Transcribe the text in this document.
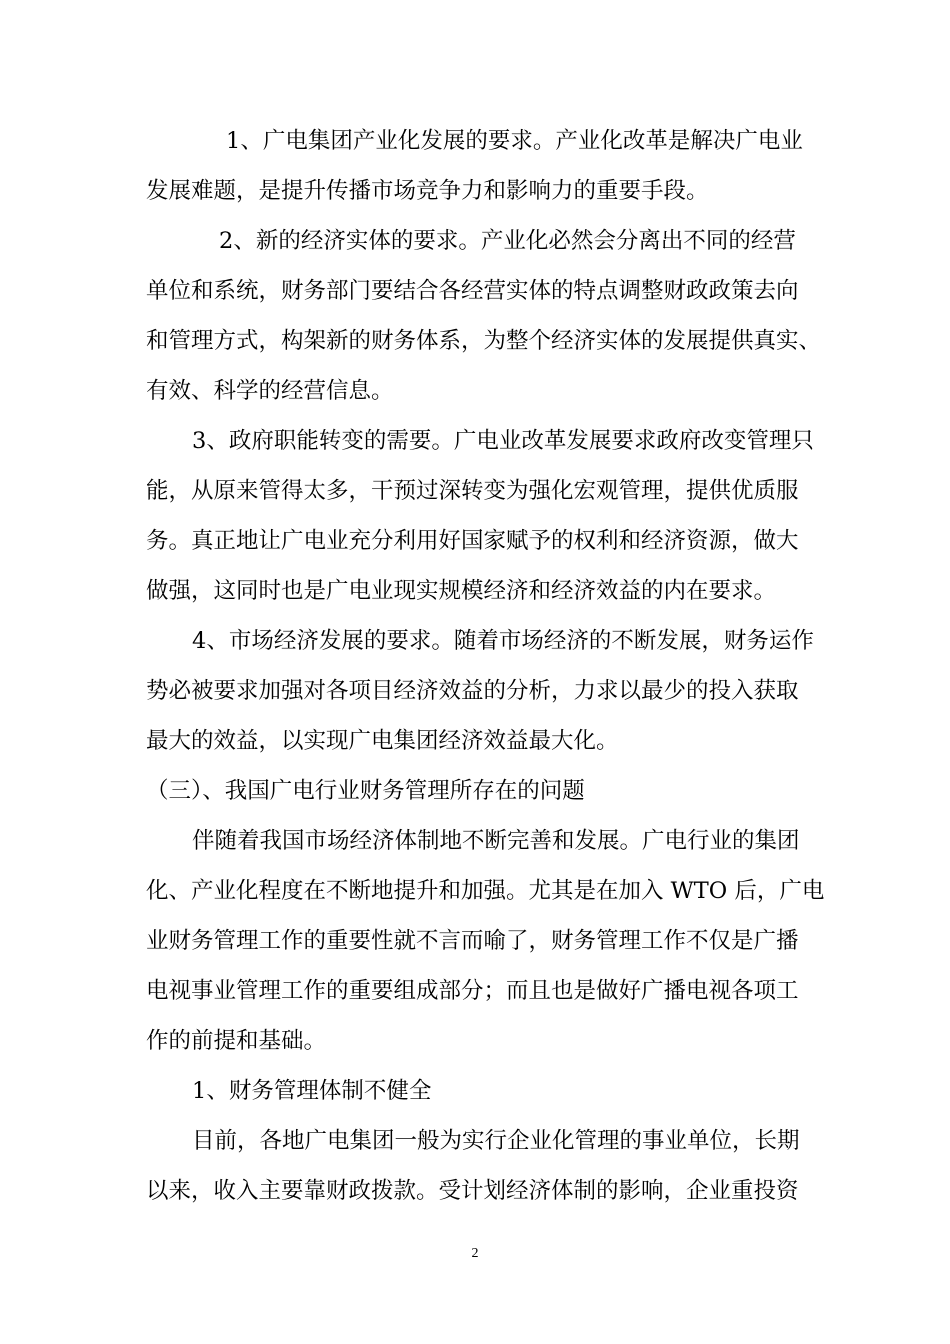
1、广电集团产业化发展的要求。产业化改革是解决广电业
发展难题，是提升传播市场竞争力和影响力的重要手段。
2、新的经济实体的要求。产业化必然会分离出不同的经营
单位和系统，财务部门要结合各经营实体的特点调整财政政策去向
和管理方式，构架新的财务体系，为整个经济实体的发展提供真实、
有效、科学的经营信息。
3、政府职能转变的需要。广电业改革发展要求政府改变管理只
能，从原来管得太多，干预过深转变为强化宏观管理，提供优质服
务。真正地让广电业充分利用好国家赋予的权利和经济资源，做大
做强，这同时也是广电业现实规模经济和经济效益的内在要求。
4、市场经济发展的要求。随着市场经济的不断发展，财务运作
势必被要求加强对各项目经济效益的分析，力求以最少的投入获取
最大的效益，以实现广电集团经济效益最大化。
（三）、我国广电行业财务管理所存在的问题
伴随着我国市场经济体制地不断完善和发展。广电行业的集团
化、产业化程度在不断地提升和加强。尤其是在加入 WTO 后，广电
业财务管理工作的重要性就不言而喻了，财务管理工作不仅是广播
电视事业管理工作的重要组成部分；而且也是做好广播电视各项工
作的前提和基础。
1、财务管理体制不健全
目前，各地广电集团一般为实行企业化管理的事业单位，长期
以来，收入主要靠财政拨款。受计划经济体制的影响，企业重投资
2
